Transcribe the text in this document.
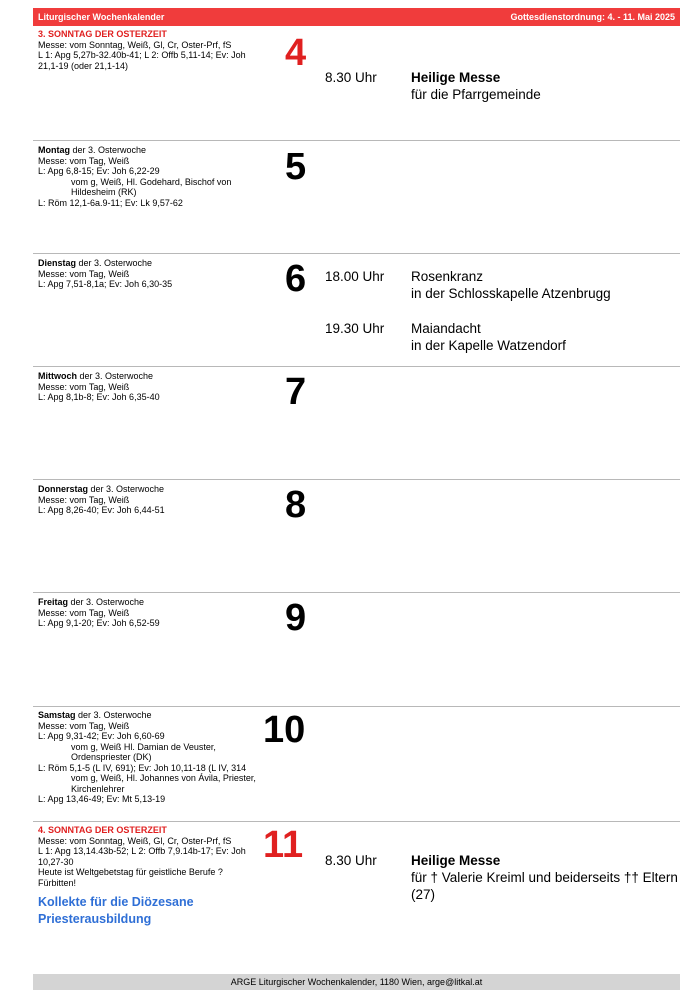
Liturgischer Wochenkalender	Gottesdienstordnung: 4. - 11. Mai 2025
3. SONNTAG DER OSTERZEIT
Messe: vom Sonntag, Weiß, Gl, Cr, Oster-Prf, fS
L 1: Apg 5,27b-32.40b-41; L 2: Offb 5,11-14; Ev: Joh 21,1-19 (oder 21,1-14)	4
8.30 Uhr	Heilige Messe
für die Pfarrgemeinde
Montag der 3. Osterwoche
Messe: vom Tag, Weiß
L: Apg 6,8-15; Ev: Joh 6,22-29
vom g, Weiß, Hl. Godehard, Bischof von Hildesheim (RK)
L: Röm 12,1-6a.9-11; Ev: Lk 9,57-62
5
Dienstag der 3. Osterwoche
Messe: vom Tag, Weiß
L: Apg 7,51-8,1a; Ev: Joh 6,30-35	6 18.00 Uhr Rosenkranz
in der Schlosskapelle Atzenbrugg
19.30 Uhr Maiandacht
in der Kapelle Watzendorf
Mittwoch der 3. Osterwoche
Messe: vom Tag, Weiß
L: Apg 8,1b-8; Ev: Joh 6,35-40	7
Donnerstag der 3. Osterwoche
Messe: vom Tag, Weiß
L: Apg 8,26-40; Ev: Joh 6,44-51	8
Freitag der 3. Osterwoche
Messe: vom Tag, Weiß
L: Apg 9,1-20; Ev: Joh 6,52-59	9
Samstag der 3. Osterwoche
Messe: vom Tag, Weiß
L: Apg 9,31-42; Ev: Joh 6,60-69
vom g, Weiß Hl. Damian de Veuster, Ordenspriester (DK)
L: Röm 5,1-5 (L IV, 691); Ev: Joh 10,11-18 (L IV, 314
vom g, Weiß, Hl. Johannes von Ávila, Priester, Kirchenlehrer
L: Apg 13,46-49; Ev: Mt 5,13-19
10
4. SONNTAG DER OSTERZEIT
Messe: vom Sonntag, Weiß, Gl, Cr, Oster-Prf, fS
L 1: Apg 13,14.43b-52; L 2: Offb 7,9.14b-17; Ev: Joh 10,27-30
Heute ist Weltgebetstag für geistliche Berufe ? Fürbitten!
Kollekte für die Diözesane Priesterausbildung
11 8.30 Uhr	Heilige Messe
für † Valerie Kreiml und beiderseits †† Eltern (27)
ARGE Liturgischer Wochenkalender, 1180 Wien, arge@litkal.at
